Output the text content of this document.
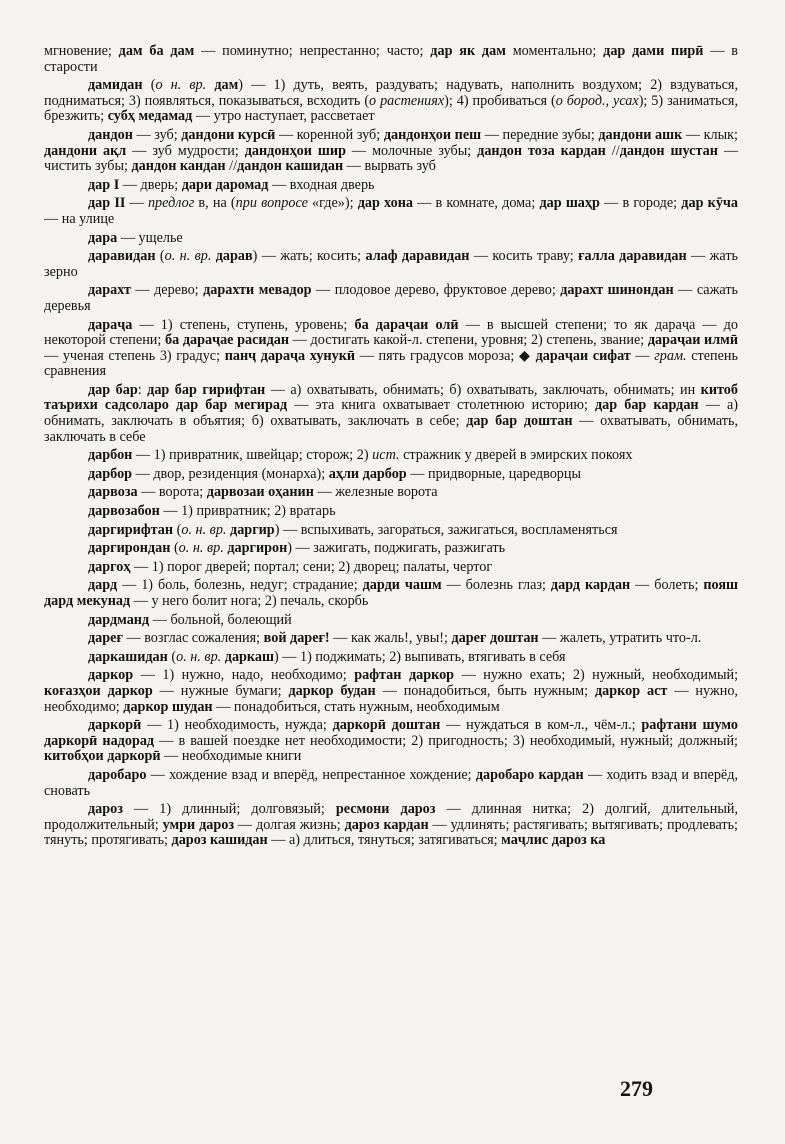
мгновение; дам ба дам — поминутно; непрестанно; часто; дар як дам моментально; дар дами пирӣ — в старости

дамидан (о н. вр. дам) — 1) дуть, веять, раздувать; надувать, наполнить воздухом; 2) вздуваться, подниматься; 3) появляться, показываться, всходить (о растениях); 4) пробиваться (о бород., усах); 5) заниматься, брезжить; субҳ медамад — утро наступает, рассветает

дандон — зуб; дандони курсӣ — коренной зуб; дандонҳои пеш — передние зубы; дандони ашк — клык; дандони ақл — зуб мудрости; дандонҳои шир — молочные зубы; дандон тоза кардан //дандон шустан — чистить зубы; дандон кандан //дандон кашидан — вырвать зуб

дар I — дверь; дари даромад — входная дверь

дар II — предлог в, на (при вопросе «где»); дар хона — в комнате, дома; дар шаҳр — в городе; дар кӯча — на улице

дара — ущелье

даравидан (о. н. вр. дарав) — жать; косить; алаф даравидан — косить траву; ғалла даравидан — жать зерно

дарахт — дерево; дарахти мевадор — плодовое дерево, фруктовое дерево; дарахт шинондан — сажать деревья

дараҷа — 1) степень, ступень, уровень; ба дараҷаи олӣ — в высшей степени; то як дараҷа — до некоторой степени; ба дараҷае расидан — достигать какой-л. степени, уровня; 2) степень, звание; дараҷаи илмӣ — ученая степень 3) градус; панҷ дараҷа хунукӣ — пять градусов мороза; ◆ дараҷаи сифат — грам. степень сравнения

дар бар: дар бар гирифтан — а) охватывать, обнимать; б) охватывать, заключать, обнимать; ин китоб таърихи садсоларо дар бар мегирад — эта книга охватывает столетнюю историю; дар бар кардан — а) обнимать, заключать в объятия; б) охватывать, заключать в себе; дар бар доштан — охватывать, обнимать, заключать в себе

дарбон — 1) привратник, швейцар; сторож; 2) ист. стражник у дверей в эмирских покоях

дарбор — двор, резиденция (монарха); аҳли дарбор — придворные, царедворцы

дарвоза — ворота; дарвозаи оҳанин — железные ворота

дарвозабон — 1) привратник; 2) вратарь

даргирифтан (о. н. вр. даргир) — вспыхивать, загораться, зажигаться, воспламеняться

даргирондан (о. н. вр. даргирон) — зажигать, поджигать, разжигать

даргоҳ — 1) порог дверей; портал; сени; 2) дворец; палаты, чертог

дард — 1) боль, болезнь, недуг; страдание; дарди чашм — болезнь глаз; дард кардан — болеть; пояш дард мекунад — у него болит нога; 2) печаль, скорбь

дардманд — больной, болеющий

дареғ — возглас сожаления; вой дареғ! — как жаль!, увы!; дареғ доштан — жалеть, утратить что-л.

даркашидан (о. н. вр. даркаш) — 1) поджимать; 2) выпивать, втягивать в себя

даркор — 1) нужно, надо, необходимо; рафтан даркор — нужно ехать; 2) нужный, необходимый; коғазҳои даркор — нужные бумаги; даркор будан — понадобиться, быть нужным; даркор аст — нужно, необходимо; даркор шудан — понадобиться, стать нужным, необходимым

даркорӣ — 1) необходимость, нужда; даркорӣ доштан — нуждаться в ком-л., чём-л.; рафтани шумо даркорӣ надорад — в вашей поездке нет необходимости; 2) пригодность; 3) необходимый, нужный; должный; китобҳои даркорӣ — необходимые книги

даробаро — хождение взад и вперёд, непрестанное хождение; даробаро кардан — ходить взад и вперёд, сновать

дароз — 1) длинный; долговязый; ресмони дароз — длинная нитка; 2) долгий, длительный, продолжительный; умри дароз — долгая жизнь; дароз кардан — удлинять; растягивать; вытягивать; продлевать; тянуть; протягивать; дароз кашидан — а) длиться, тянуться; затягиваться; маҷлис дароз ка

279
